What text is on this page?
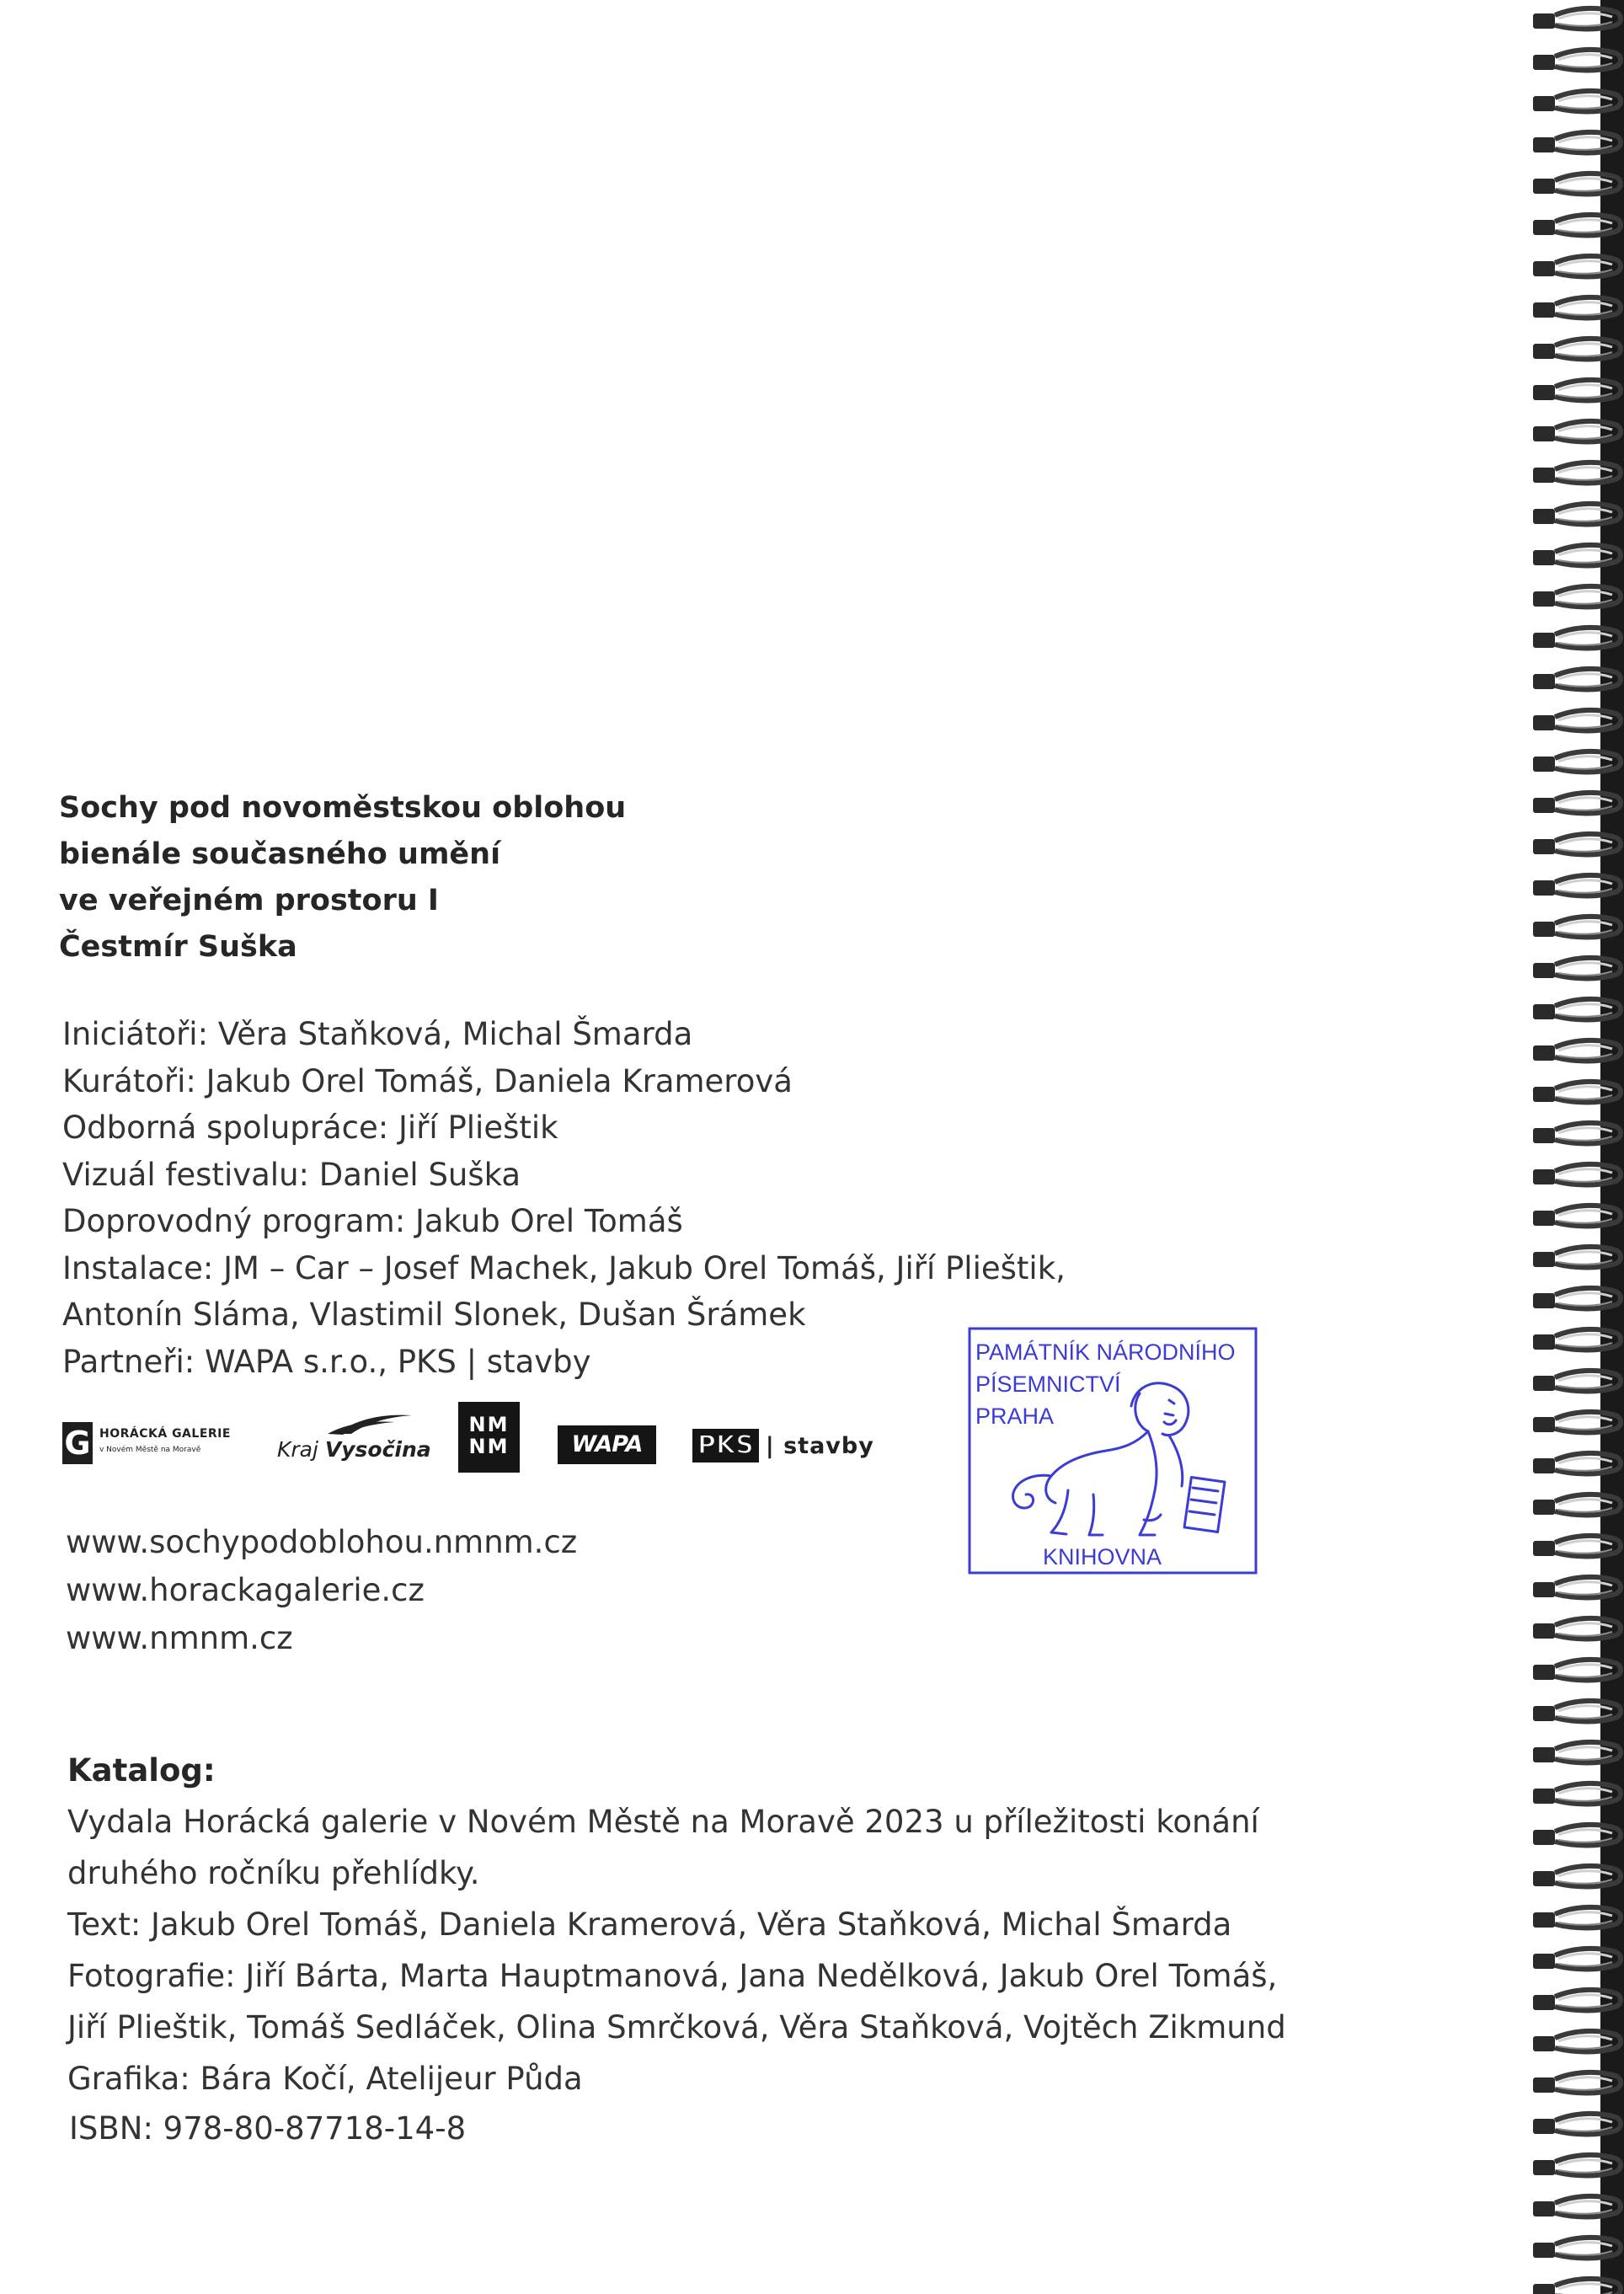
Sochy pod novoměstskou oblohou
bienále současného umění
ve veřejném prostoru I
Čestmír Suška
Iniciátoři: Věra Staňková, Michal Šmarda
Kurátoři: Jakub Orel Tomáš, Daniela Kramerová
Odborná spolupráce: Jiří Plieštik
Vizuál festivalu: Daniel Suška
Doprovodný program: Jakub Orel Tomáš
Instalace: JM – Car – Josef Machek, Jakub Orel Tomáš, Jiří Plieštik,
Antonín Sláma, Vlastimil Slonek, Dušan Šrámek
Partneři: WAPA s.r.o., PKS | stavby
G HORÁCKÁ GALERIE
v Novém Městě na Moravě	Kraj Vysočina
NM
NM	WAPA	PKS | stavby
www.sochypodoblohou.nmnm.cz
www.horackagalerie.cz
www.nmnm.cz
Katalog:
Vydala Horácká galerie v Novém Městě na Moravě 2023 u příležitosti konání
druhého ročníku přehlídky.
Text: Jakub Orel Tomáš, Daniela Kramerová, Věra Staňková, Michal Šmarda
Fotografie: Jiří Bárta, Marta Hauptmanová, Jana Nedělková, Jakub Orel Tomáš,
Jiří Plieštik, Tomáš Sedláček, Olina Smrčková, Věra Staňková, Vojtěch Zikmund
Grafika: Bára Kočí, Atelijeur Půda
ISBN: 978-80-87718-14-8
PAMÁTNÍK NÁRODNÍHO
PÍSEMNICTVÍ
PRAHA
KNIHOVNA
